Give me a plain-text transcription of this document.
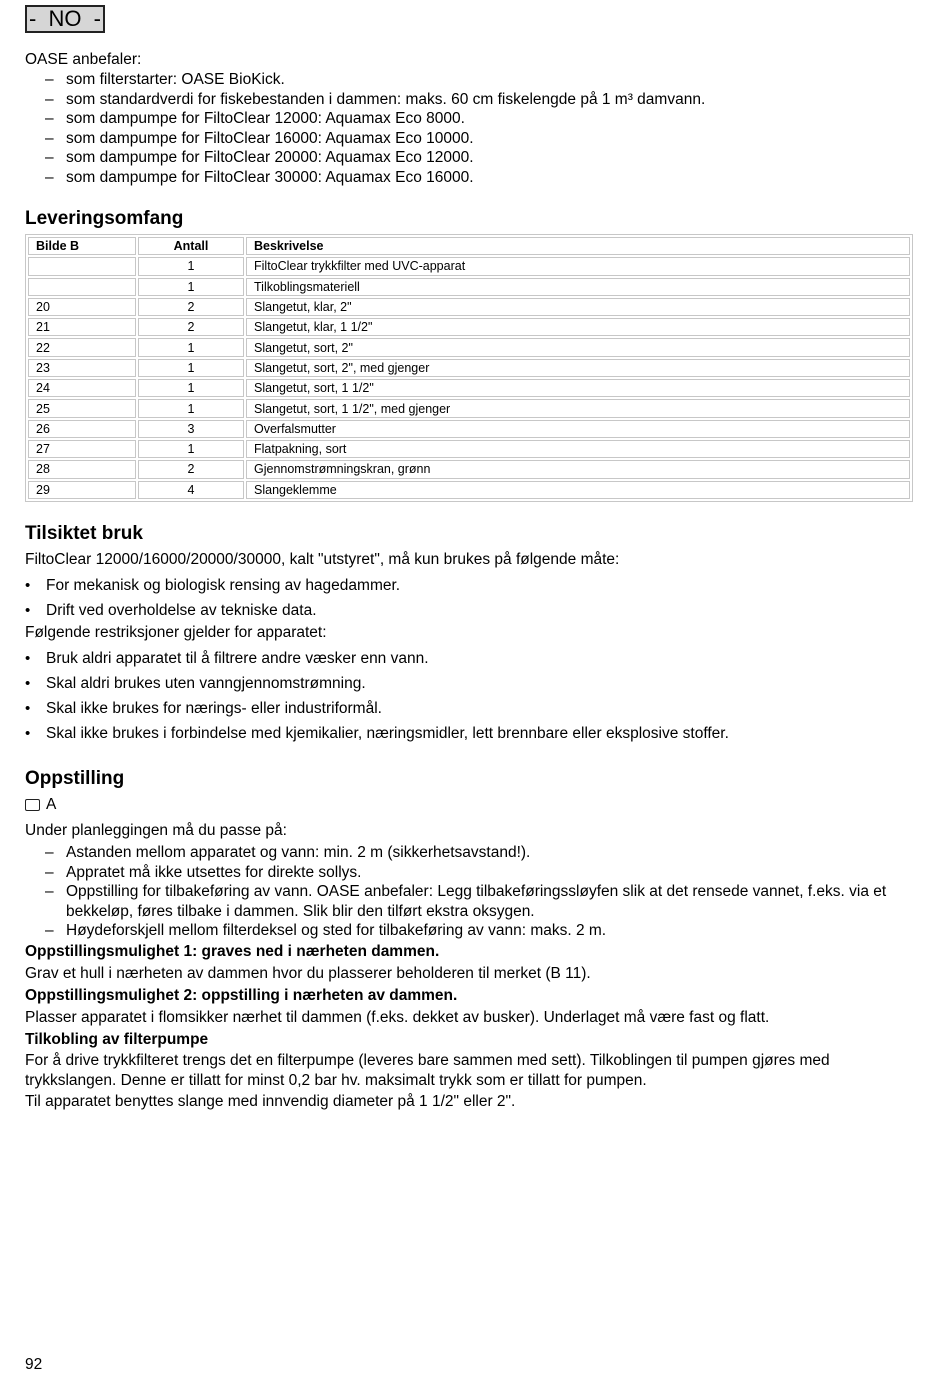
- NO -
OASE anbefaler:
– som filterstarter: OASE BioKick.
– som standardverdi for fiskebestanden i dammen: maks. 60 cm fiskelengde på 1 m³ damvann.
– som dampumpe for FiltoClear 12000: Aquamax Eco 8000.
– som dampumpe for FiltoClear 16000: Aquamax Eco 10000.
– som dampumpe for FiltoClear 20000: Aquamax Eco 12000.
– som dampumpe for FiltoClear 30000: Aquamax Eco 16000.
Leveringsomfang
Bilde B	Antall	Beskrivelse
	1	FiltoClear trykkfilter med UVC-apparat
	1	Tilkoblingsmateriell
20	2	Slangetut, klar, 2"
21	2	Slangetut, klar, 1 1/2"
22	1	Slangetut, sort, 2"
23	1	Slangetut, sort, 2", med gjenger
24	1	Slangetut, sort, 1 1/2"
25	1	Slangetut, sort, 1 1/2", med gjenger
26	3	Overfalsmutter
27	1	Flatpakning, sort
28	2	Gjennomstrømningskran, grønn
29	4	Slangeklemme
Tilsiktet bruk
FiltoClear 12000/16000/20000/30000, kalt "utstyret", må kun brukes på følgende måte:
• For mekanisk og biologisk rensing av hagedammer.
• Drift ved overholdelse av tekniske data.
Følgende restriksjoner gjelder for apparatet:
• Bruk aldri apparatet til å filtrere andre væsker enn vann.
• Skal aldri brukes uten vanngjennomstrømning.
• Skal ikke brukes for nærings- eller industriformål.
• Skal ikke brukes i forbindelse med kjemikalier, næringsmidler, lett brennbare eller eksplosive stoffer.
Oppstilling
A
Under planleggingen må du passe på:
– Astanden mellom apparatet og vann: min. 2 m (sikkerhetsavstand!).
– Appratet må ikke utsettes for direkte sollys.
– Oppstilling for tilbakeføring av vann. OASE anbefaler: Legg tilbakeføringssløyfen slik at det rensede vannet, f.eks. via et bekkeløp, føres tilbake i dammen. Slik blir den tilført ekstra oksygen.
– Høydeforskjell mellom filterdeksel og sted for tilbakeføring av vann: maks. 2 m.
Oppstillingsmulighet 1: graves ned i nærheten dammen.
Grav et hull i nærheten av dammen hvor du plasserer beholderen til merket (B 11).
Oppstillingsmulighet 2: oppstilling i nærheten av dammen.
Plasser apparatet i flomsikker nærhet til dammen (f.eks. dekket av busker). Underlaget må være fast og flatt.
Tilkobling av filterpumpe
For å drive trykkfilteret trengs det en filterpumpe (leveres bare sammen med sett). Tilkoblingen til pumpen gjøres med trykkslangen. Denne er tillatt for minst 0,2 bar hv. maksimalt trykk som er tillatt for pumpen.
Til apparatet benyttes slange med innvendig diameter på 1 1/2" eller 2".
92
